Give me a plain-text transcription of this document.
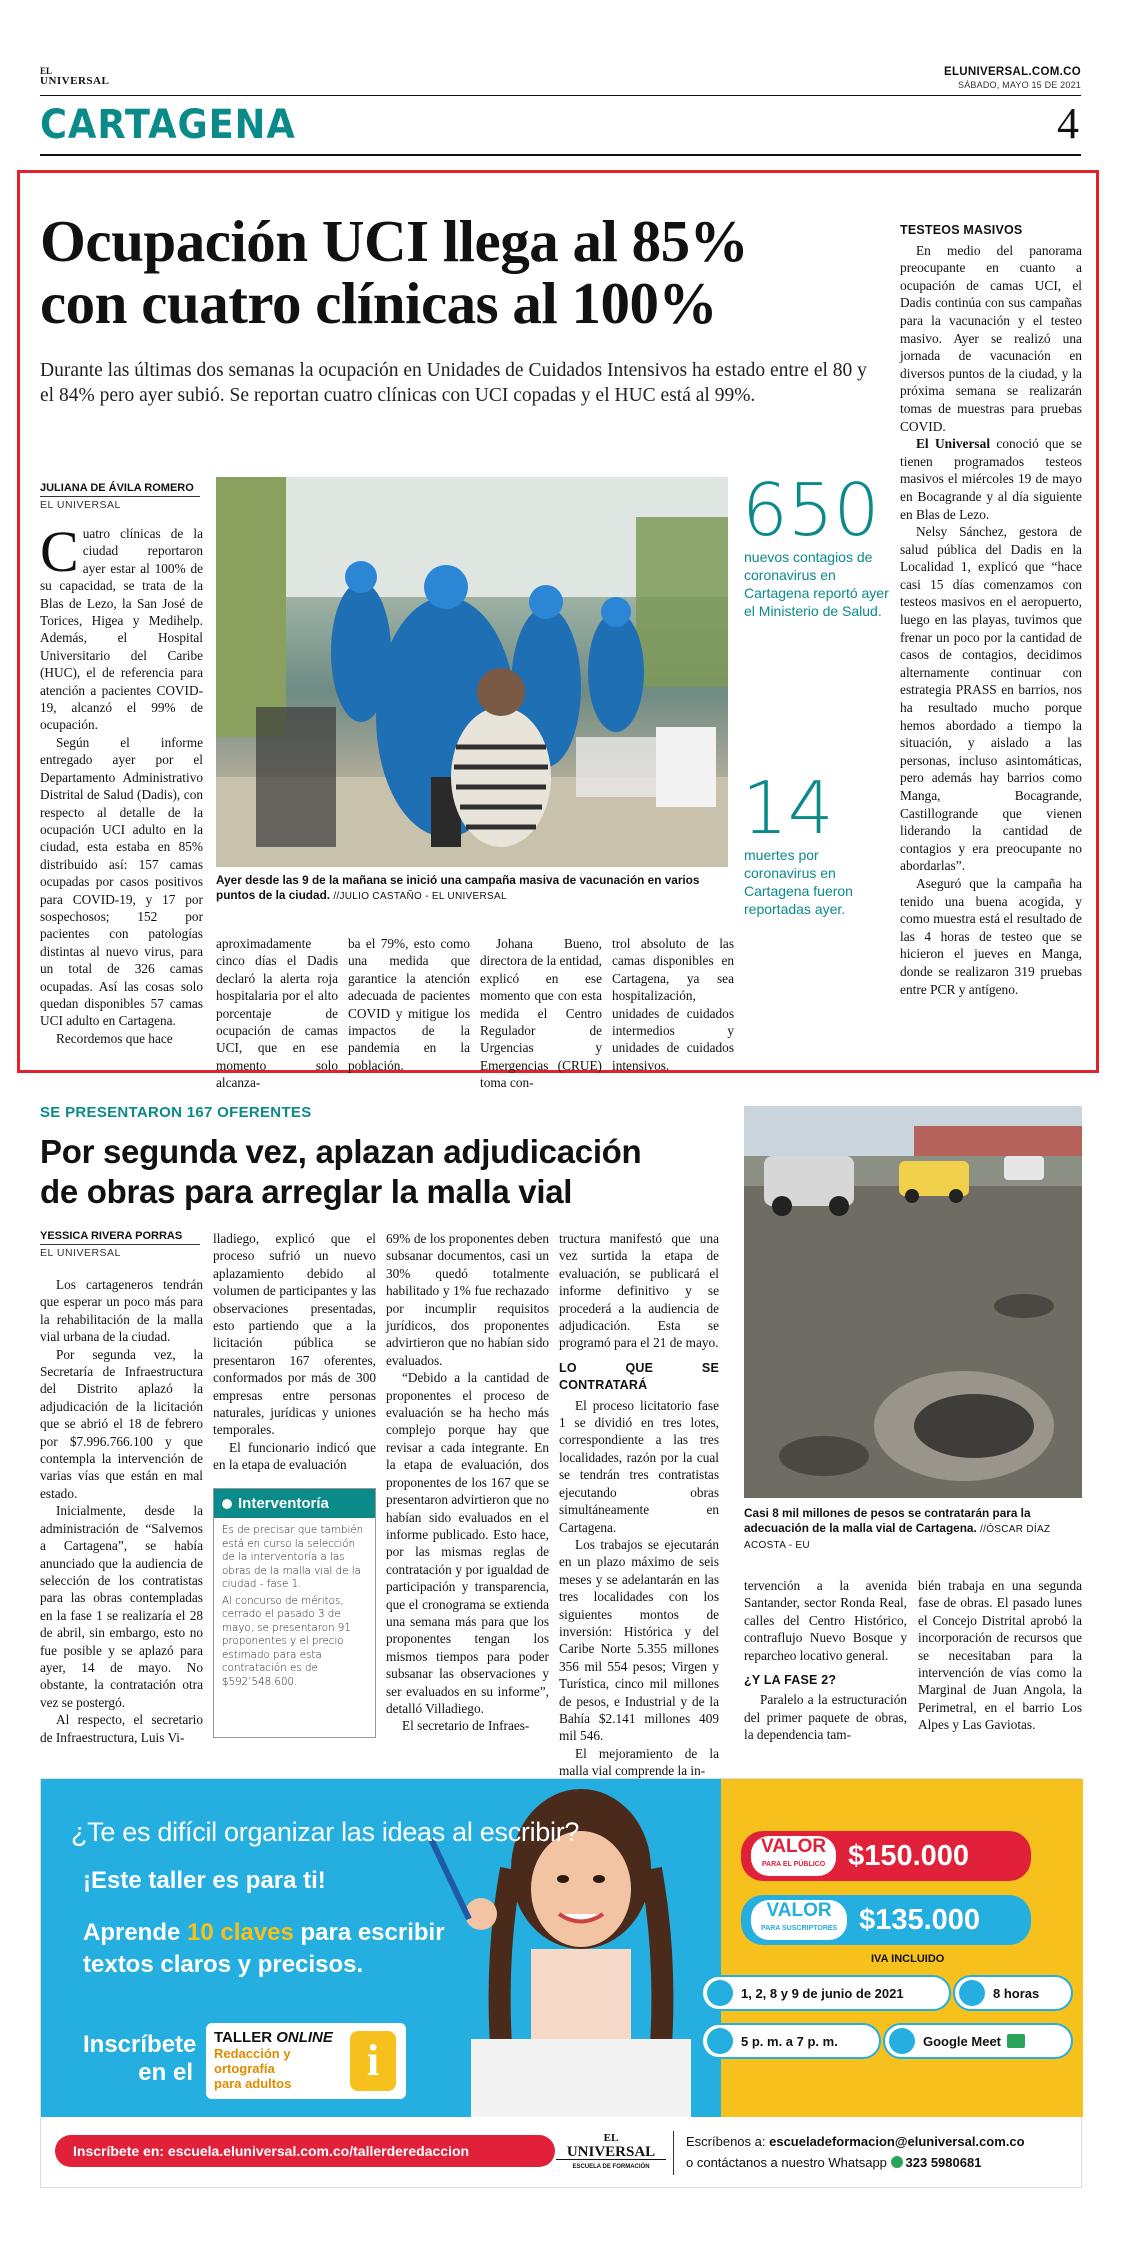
EL
UNIVERSAL
ELUNIVERSAL.COM.CO
SÁBADO, MAYO 15 DE 2021
CARTAGENA	4
Ocupación UCI llega al 85%
con cuatro clínicas al 100%
Durante las últimas dos semanas la ocupación en Unidades de Cuidados Intensivos ha estado entre el 80 y el 84% pero ayer subió. Se reportan cuatro clínicas con UCI copadas y el HUC está al 99%.
JULIANA DE ÁVILA ROMERO
EL UNIVERSAL

Cuatro clínicas de la ciudad reportaron ayer estar al 100% de su capacidad, se trata de la Blas de Lezo, la San José de Torices, Higea y Medihelp. Además, el Hospital Universitario del Caribe (HUC), el de referencia para atención a pacientes COVID-19, alcanzó el 99% de ocupación.

Según el informe entregado ayer por el Departamento Administrativo Distrital de Salud (Dadis), con respecto al detalle de la ocupación UCI adulto en la ciudad, esta estaba en 85% distribuido así: 157 camas ocupadas por casos positivos para COVID-19, y 17 por sospechosos; 152 por pacientes con patologías distintas al nuevo virus, para un total de 326 camas ocupadas. Así las cosas solo quedan disponibles 57 camas UCI adulto en Cartagena.

Recordemos que hace

Ayer desde las 9 de la mañana se inició una campaña masiva de vacunación en varios puntos de la ciudad. //JULIO CASTAÑO - EL UNIVERSAL
650
nuevos contagios de coronavirus en Cartagena reportó ayer el Ministerio de Salud.
14
muertes por coronavirus en Cartagena fueron reportadas ayer.
aproximadamente cinco días el Dadis declaró la alerta roja hospitalaria por el alto porcentaje de ocupación de camas UCI, que en ese momento solo alcanza-
ba el 79%, esto como una medida que garantice la atención adecuada de pacientes COVID y mitigue los impactos de la pandemia en la población.

Johana Bueno, directora de la entidad, explicó en ese momento que con esta medida el Centro Regulador de Urgencias y Emergencias (CRUE) toma con-

trol absoluto de las camas disponibles en Cartagena, ya sea hospitalización, unidades de cuidados intermedios y unidades de cuidados intensivos.
TESTEOS MASIVOS

En medio del panorama preocupante en cuanto a ocupación de camas UCI, el Dadis continúa con sus campañas para la vacunación y el testeo masivo. Ayer se realizó una jornada de vacunación en diversos puntos de la ciudad, y la próxima semana se realizarán tomas de muestras para pruebas COVID.

El Universal conoció que se tienen programados testeos masivos el miércoles 19 de mayo en Bocagrande y al día siguiente en Blas de Lezo.

Nelsy Sánchez, gestora de salud pública del Dadis en la Localidad 1, explicó que “hace casi 15 días comenzamos con testeos masivos en el aeropuerto, luego en las playas, tuvimos que frenar un poco por la cantidad de casos de contagios, decidimos alternamente continuar con estrategia PRASS en barrios, nos ha resultado mucho porque hemos abordado a tiempo la situación, y aislado a las personas, incluso asintomáticas, pero además hay barrios como Manga, Bocagrande, Castillogrande que vienen liderando la cantidad de contagios y era preocupante no abordarlas”.

Aseguró que la campaña ha tenido una buena acogida, y como muestra está el resultado de las 4 horas de testeo que se hicieron el jueves en Manga, donde se realizaron 319 pruebas entre PCR y antígeno.

SE PRESENTARON 167 OFERENTES
Por segunda vez, aplazan adjudicación
de obras para arreglar la malla vial
YESSICA RIVERA PORRAS
EL UNIVERSAL

Los cartageneros tendrán que esperar un poco más para la rehabilitación de la malla vial urbana de la ciudad.

Por segunda vez, la Secretaría de Infraestructura del Distrito aplazó la adjudicación de la licitación que se abrió el 18 de febrero por $7.996.766.100 y que contempla la intervención de varias vías que están en mal estado.

Inicialmente, desde la administración de “Salvemos a Cartagena”, se había anunciado que la audiencia de selección de los contratistas para las obras contempladas en la fase 1 se realizaría el 28 de abril, sin embargo, esto no fue posible y se aplazó para ayer, 14 de mayo. No obstante, la contratación otra vez se postergó.

Al respecto, el secretario de Infraestructura, Luis Vi-

lladiego, explicó que el proceso sufrió un nuevo aplazamiento debido al volumen de participantes y las observaciones presentadas, esto partiendo que a la licitación pública se presentaron 167 oferentes, conformados por más de 300 empresas entre personas naturales, jurídicas y uniones temporales.

El funcionario indicó que en la etapa de evaluación

Interventoría

Es de precisar que también está en curso la selección de la interventoría a las obras de la malla vial de la ciudad - fase 1.

Al concurso de méritos, cerrado el pasado 3 de mayo, se presentaron 91 proponentes y el precio estimado para esta contratación es de $592’548.600.

69% de los proponentes deben subsanar documentos, casi un 30% quedó totalmente habilitado y 1% fue rechazado por incumplir requisitos jurídicos, dos proponentes advirtieron que no habían sido evaluados.

“Debido a la cantidad de proponentes el proceso de evaluación se ha hecho más complejo porque hay que revisar a cada integrante. En la etapa de evaluación, dos proponentes de los 167 que se presentaron advirtieron que no habían sido evaluados en el informe publicado. Esto hace, por las mismas reglas de contratación y por igualdad de participación y transparencia, que el cronograma se extienda una semana más para que los proponentes tengan los mismos tiempos para poder subsanar las observaciones y ser evaluados en su informe”, detalló Villadiego.

El secretario de Infraes-

tructura manifestó que una vez surtida la etapa de evaluación, se publicará el informe definitivo y se procederá a la audiencia de adjudicación. Esta se programó para el 21 de mayo.

LO QUE SE CONTRATARÁ

El proceso licitatorio fase 1 se dividió en tres lotes, correspondiente a las tres localidades, razón por la cual se tendrán tres contratistas ejecutando obras simultáneamente en Cartagena.

Los trabajos se ejecutarán en un plazo máximo de seis meses y se adelantarán en las tres localidades con los siguientes montos de inversión: Histórica y del Caribe Norte 5.355 millones 356 mil 554 pesos; Virgen y Turística, cinco mil millones de pesos, e Industrial y de la Bahía $2.141 millones 409 mil 546.

El mejoramiento de la malla vial comprende la in-

Casi 8 mil millones de pesos se contratarán para la adecuación de la malla vial de Cartagena. //ÓSCAR DÍAZ ACOSTA - EU

tervención a la avenida Santander, sector Ronda Real, calles del Centro Histórico, contraflujo Nuevo Bosque y reparcheo locativo general.

¿Y LA FASE 2?

Paralelo a la estructuración del primer paquete de obras, la dependencia tam-

bién trabaja en una segunda fase de obras. El pasado lunes el Concejo Distrital aprobó la incorporación de recursos que se necesitaban para la intervención de vías como la Marginal de Juan Angola, la Perimetral, en el barrio Los Alpes y Las Gaviotas.

¿Te es difícil organizar las ideas al escribir?
¡Este taller es para ti!
Aprende 10 claves para escribir
textos claros y precisos.
Inscríbete
en el
TALLER ONLINE
Redacción y
ortografía
para adultos	i
VALOR
PARA EL PÚBLICO $150.000
VALOR
PARA SUSCRIPTORES $135.000
IVA INCLUIDO
1, 2, 8 y 9 de junio de 2021	8 horas
5 p. m. a 7 p. m.	Google Meet
Inscríbete en: escuela.eluniversal.com.co/tallerderedaccion
EL
UNIVERSAL
ESCUELA DE FORMACIÓN
Escríbenos a: escueladeformacion@eluniversal.com.co
o contáctanos a nuestro Whatsapp 323 5980681
